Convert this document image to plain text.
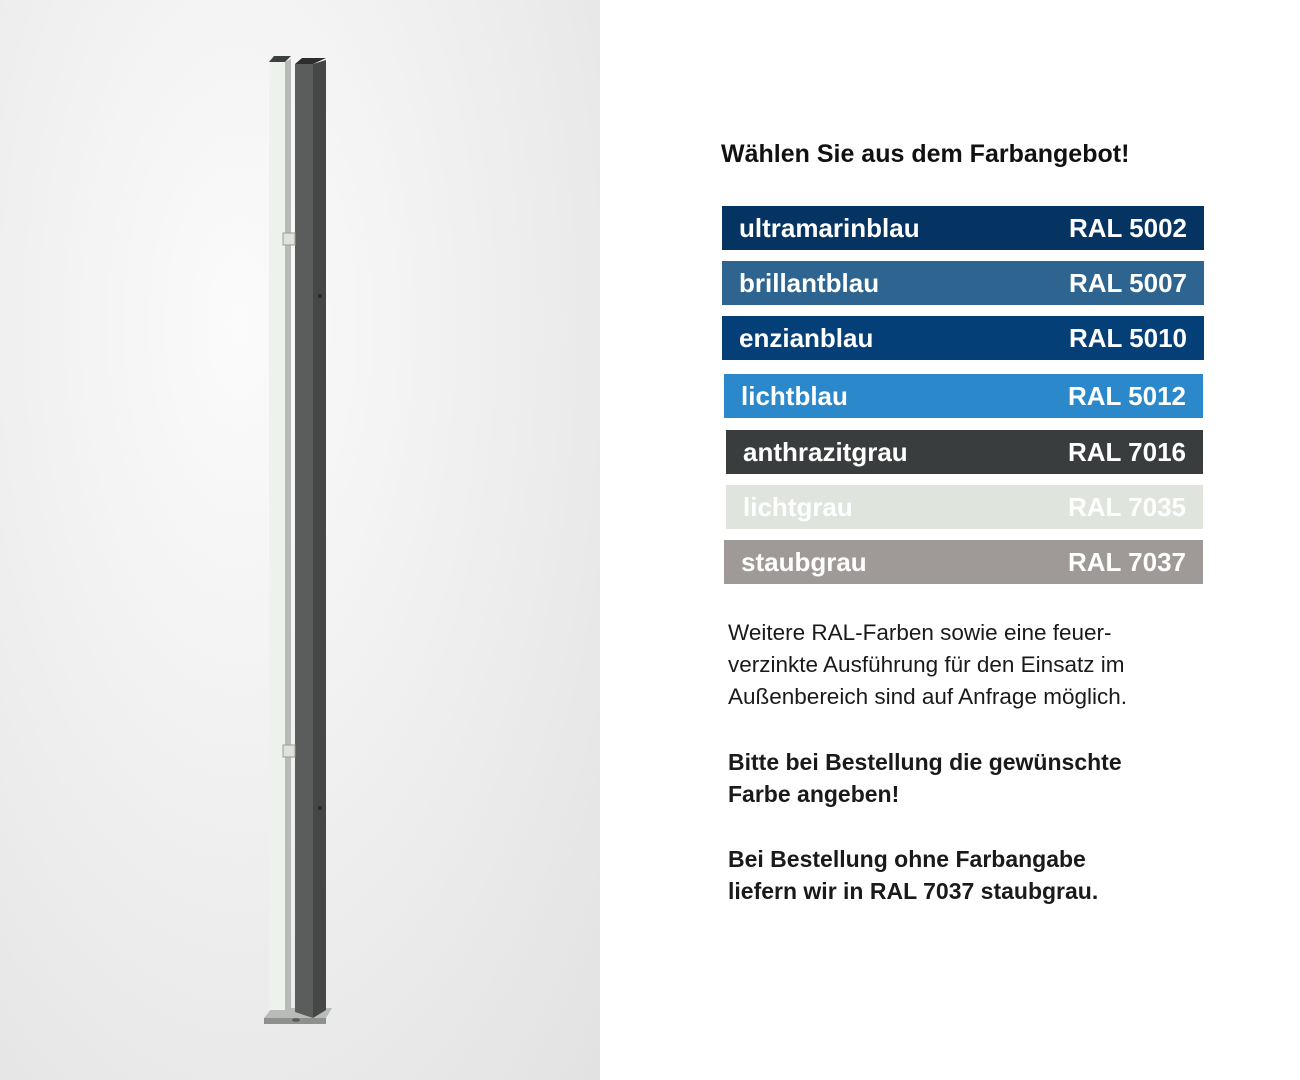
Wählen Sie aus dem Farbangebot!
ultramarinblau	RAL 5002
brillantblau	RAL 5007
enzianblau	RAL 5010
lichtblau	RAL 5012
anthrazitgrau	RAL 7016
lichtgrau	RAL 7035
staubgrau	RAL 7037
Weitere RAL-Farben sowie eine feuer-
verzinkte Ausführung für den Einsatz im
Außenbereich sind auf Anfrage möglich.
Bitte bei Bestellung die gewünschte
Farbe angeben!
Bei Bestellung ohne Farbangabe
liefern wir in RAL 7037 staubgrau.
